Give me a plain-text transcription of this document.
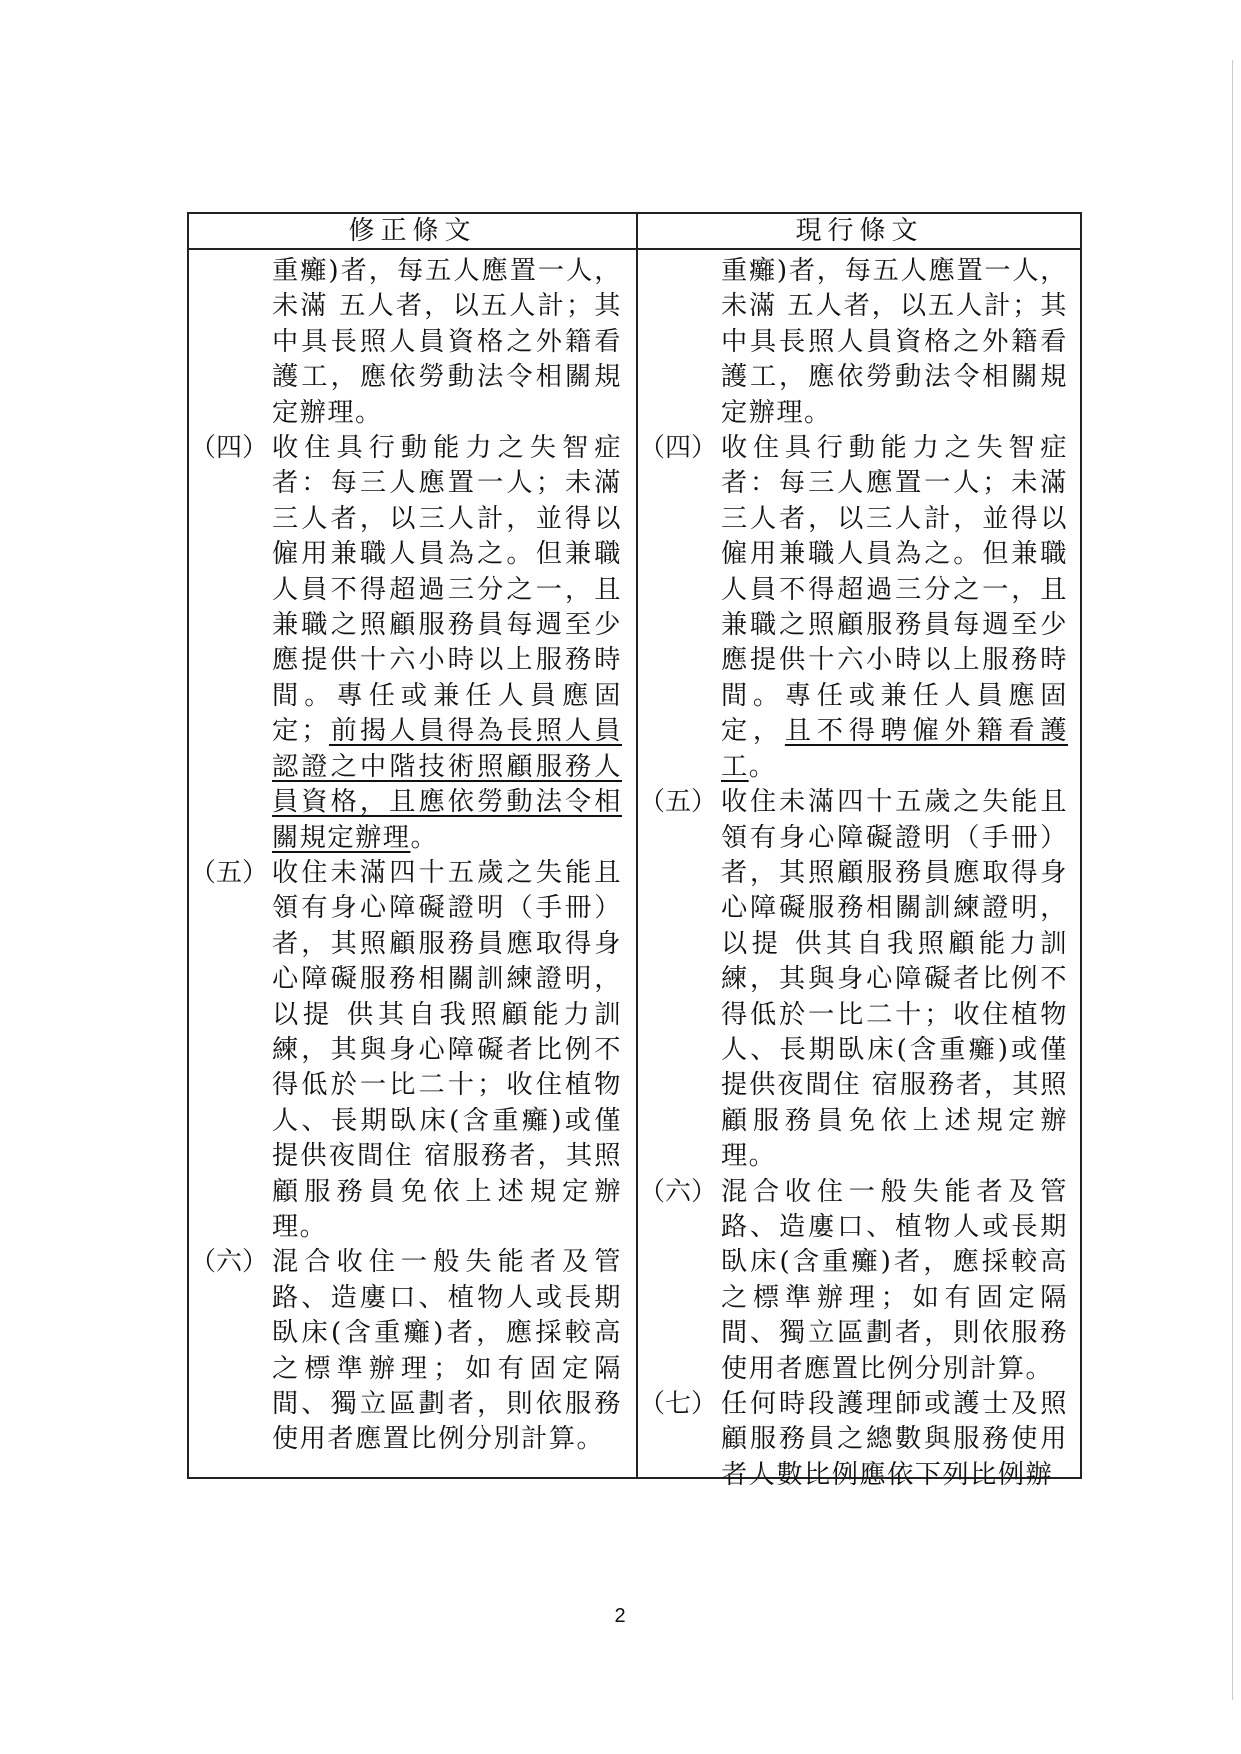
修正條文	現行條文
重癱)者，每五人應置一人，未滿 五人者，以五人計；其中具長照人員資格之外籍看護工，應依勞動法令相關規定辦理。
（四） 收住具行動能力之失智症者：每三人應置一人；未滿三人者，以三人計，並得以僱用兼職人員為之。但兼職人員不得超過三分之一，且兼職之照顧服務員每週至少應提供十六小時以上服務時間。專任或兼任人員應固定；前揭人員得為長照人員認證之中階技術照顧服務人員資格，且應依勞動法令相關規定辦理。
（五） 收住未滿四十五歲之失能且領有身心障礙證明（手冊）者，其照顧服務員應取得身心障礙服務相關訓練證明，以提 供其自我照顧能力訓練，其與身心障礙者比例不得低於一比二十；收住植物人、長期臥床(含重癱)或僅提供夜間住 宿服務者，其照顧服務員免依上述規定辦理。
（六） 混合收住一般失能者及管路、造廔口、植物人或長期臥床(含重癱)者，應採較高之標準辦理；如有固定隔間、獨立區劃者，則依服務使用者應置比例分別計算。
重癱)者，每五人應置一人，未滿 五人者，以五人計；其中具長照人員資格之外籍看護工，應依勞動法令相關規定辦理。
（四） 收住具行動能力之失智症者：每三人應置一人；未滿三人者，以三人計，並得以僱用兼職人員為之。但兼職人員不得超過三分之一，且兼職之照顧服務員每週至少應提供十六小時以上服務時間。專任或兼任人員應固定，且不得聘僱外籍看護工。
（五） 收住未滿四十五歲之失能且領有身心障礙證明（手冊）者，其照顧服務員應取得身心障礙服務相關訓練證明，以提 供其自我照顧能力訓練，其與身心障礙者比例不得低於一比二十；收住植物人、長期臥床(含重癱)或僅提供夜間住 宿服務者，其照顧服務員免依上述規定辦理。
（六） 混合收住一般失能者及管路、造廔口、植物人或長期臥床(含重癱)者，應採較高之標準辦理；如有固定隔間、獨立區劃者，則依服務使用者應置比例分別計算。
（七） 任何時段護理師或護士及照顧服務員之總數與服務使用者人數比例應依下列比例辦
2
